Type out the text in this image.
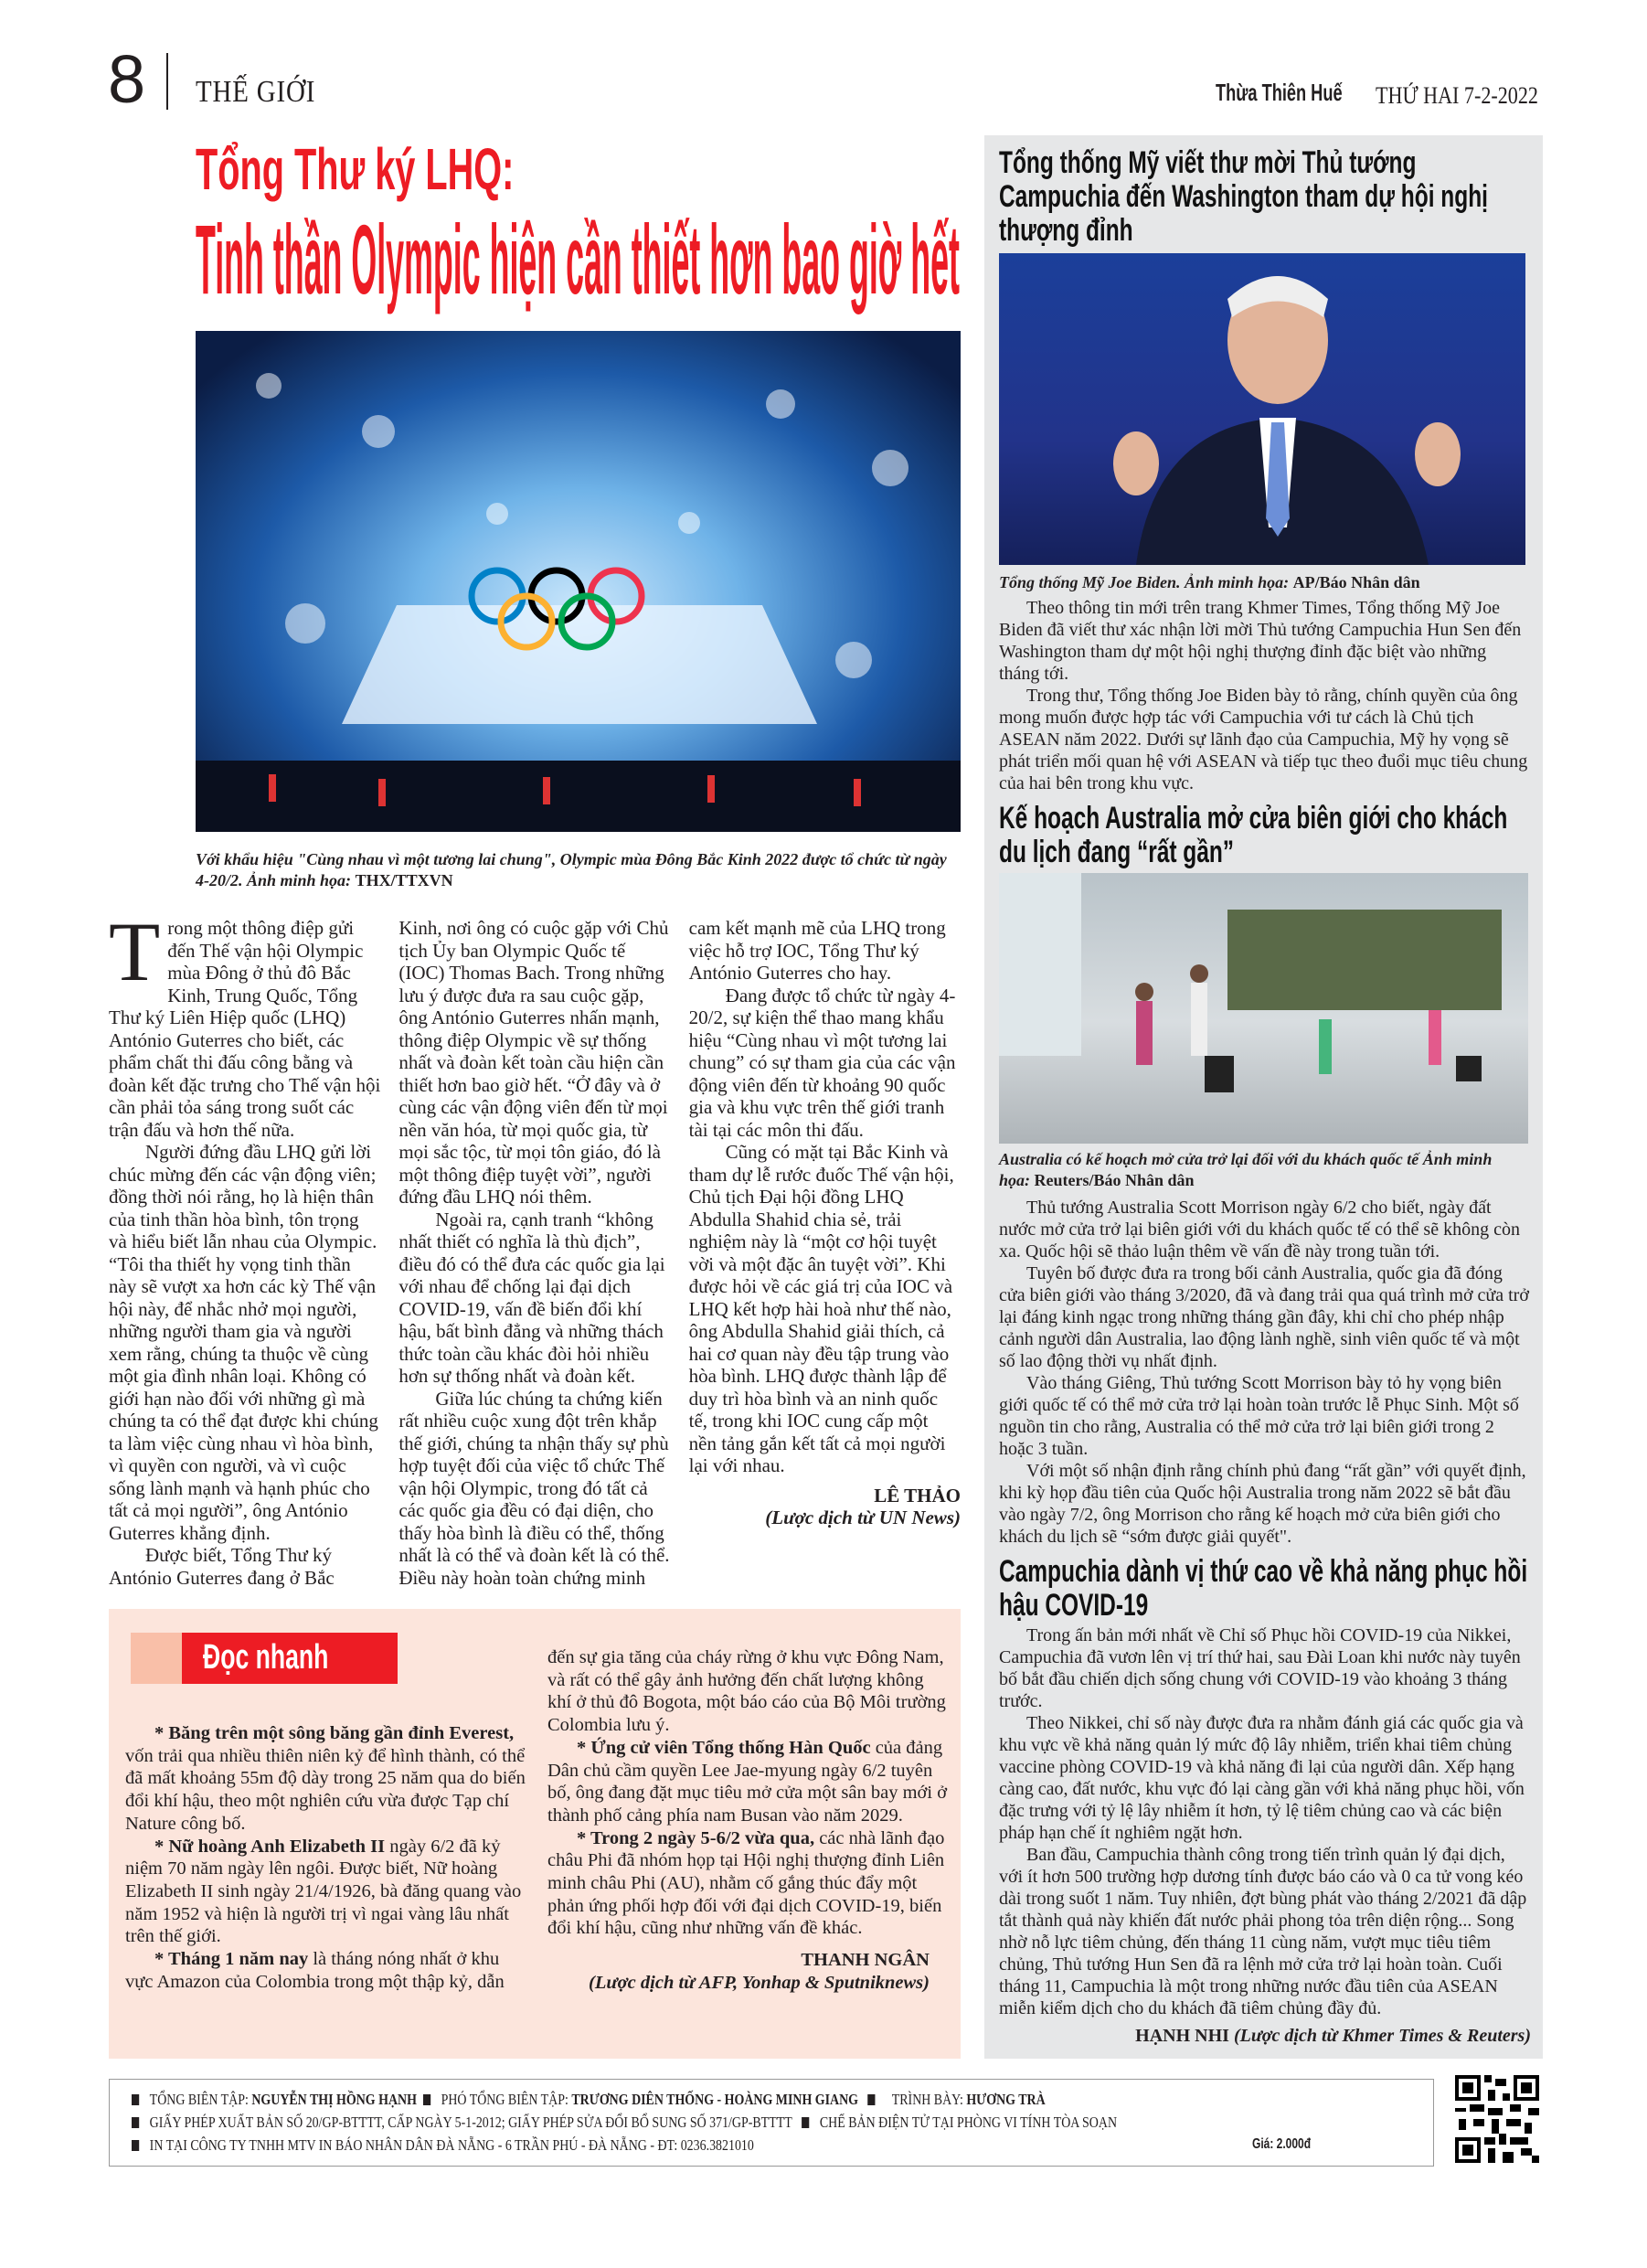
8 THẾ GIỚI	Thừa Thiên Huế THỨ HAI 7-2-2022
Tổng Thư ký LHQ:
Tinh thần Olympic hiện cần thiết hơn bao giờ hết
Với khẩu hiệu "Cùng nhau vì một tương lai chung", Olympic mùa Đông Bắc Kinh 2022 được tổ chức từ ngày 4-20/2. Ảnh minh họa: THX/TTXVN

Trong một thông điệp gửi đến Thế vận hội Olympic mùa Đông ở thủ đô Bắc Kinh, Trung Quốc, Tổng Thư ký Liên Hiệp quốc (LHQ) António Guterres cho biết, các phẩm chất thi đấu công bằng và đoàn kết đặc trưng cho Thế vận hội cần phải tỏa sáng trong suốt các trận đấu và hơn thế nữa.

Người đứng đầu LHQ gửi lời chúc mừng đến các vận động viên; đồng thời nói rằng, họ là hiện thân của tinh thần hòa bình, tôn trọng và hiểu biết lẫn nhau của Olympic. “Tôi tha thiết hy vọng tinh thần này sẽ vượt xa hơn các kỳ Thế vận hội này, để nhắc nhở mọi người, những người tham gia và người xem rằng, chúng ta thuộc về cùng một gia đình nhân loại. Không có giới hạn nào đối với những gì mà chúng ta có thể đạt được khi chúng ta làm việc cùng nhau vì hòa bình, vì quyền con người, và vì cuộc sống lành mạnh và hạnh phúc cho tất cả mọi người”, ông António Guterres khẳng định.

Được biết, Tổng Thư ký António Guterres đang ở Bắc Kinh, nơi ông có cuộc gặp với Chủ tịch Ủy ban Olympic Quốc tế (IOC) Thomas Bach. Trong những lưu ý được đưa ra sau cuộc gặp, ông António Guterres nhấn mạnh, thông điệp Olympic về sự thống nhất và đoàn kết toàn cầu hiện cần thiết hơn bao giờ hết. “Ở đây và ở cùng các vận động viên đến từ mọi nền văn hóa, từ mọi quốc gia, từ mọi sắc tộc, từ mọi tôn giáo, đó là một thông điệp tuyệt vời”, người đứng đầu LHQ nói thêm.

Ngoài ra, cạnh tranh “không nhất thiết có nghĩa là thù địch”, điều đó có thể đưa các quốc gia lại với nhau để chống lại đại dịch COVID-19, vấn đề biến đổi khí hậu, bất bình đẳng và những thách thức toàn cầu khác đòi hỏi nhiều hơn sự thống nhất và đoàn kết.

Giữa lúc chúng ta chứng kiến rất nhiều cuộc xung đột trên khắp thế giới, chúng ta nhận thấy sự phù hợp tuyệt đối của việc tổ chức Thế vận hội Olympic, trong đó tất cả các quốc gia đều có đại diện, cho thấy hòa bình là điều có thể, thống nhất là có thể và đoàn kết là có thể. Điều này hoàn toàn chứng minh cam kết mạnh mẽ của LHQ trong việc hỗ trợ IOC, Tổng Thư ký António Guterres cho hay.

Đang được tổ chức từ ngày 4-20/2, sự kiện thể thao mang khẩu hiệu “Cùng nhau vì một tương lai chung” có sự tham gia của các vận động viên đến từ khoảng 90 quốc gia và khu vực trên thế giới tranh tài tại các môn thi đấu.

Cũng có mặt tại Bắc Kinh và tham dự lễ rước đuốc Thế vận hội, Chủ tịch Đại hội đồng LHQ Abdulla Shahid chia sẻ, trải nghiệm này là “một cơ hội tuyệt vời và một đặc ân tuyệt vời”. Khi được hỏi về các giá trị của IOC và LHQ kết hợp hài hoà như thế nào, ông Abdulla Shahid giải thích, cả hai cơ quan này đều tập trung vào hòa bình. LHQ được thành lập để duy trì hòa bình và an ninh quốc tế, trong khi IOC cung cấp một nền tảng gắn kết tất cả mọi người lại với nhau.

LÊ THẢO
(Lược dịch từ UN News)
Tổng thống Mỹ viết thư mời Thủ tướng Campuchia đến Washington tham dự hội nghị thượng đỉnh
Tổng thống Mỹ Joe Biden. Ảnh minh họa: AP/Báo Nhân dân

Theo thông tin mới trên trang Khmer Times, Tổng thống Mỹ Joe Biden đã viết thư xác nhận lời mời Thủ tướng Campuchia Hun Sen đến Washington tham dự một hội nghị thượng đỉnh đặc biệt vào những tháng tới.

Trong thư, Tổng thống Joe Biden bày tỏ rằng, chính quyền của ông mong muốn được hợp tác với Campuchia với tư cách là Chủ tịch ASEAN năm 2022. Dưới sự lãnh đạo của Campuchia, Mỹ hy vọng sẽ phát triển mối quan hệ với ASEAN và tiếp tục theo đuổi mục tiêu chung của hai bên trong khu vực.

Kế hoạch Australia mở cửa biên giới cho khách du lịch đang “rất gần”
Australia có kế hoạch mở cửa trở lại đối với du khách quốc tế Ảnh minh họa: Reuters/Báo Nhân dân

Thủ tướng Australia Scott Morrison ngày 6/2 cho biết, ngày đất nước mở cửa trở lại biên giới với du khách quốc tế có thể sẽ không còn xa. Quốc hội sẽ thảo luận thêm về vấn đề này trong tuần tới.

Tuyên bố được đưa ra trong bối cảnh Australia, quốc gia đã đóng cửa biên giới vào tháng 3/2020, đã và đang trải qua quá trình mở cửa trở lại đáng kinh ngạc trong những tháng gần đây, khi chỉ cho phép nhập cảnh người dân Australia, lao động lành nghề, sinh viên quốc tế và một số lao động thời vụ nhất định.

Vào tháng Giêng, Thủ tướng Scott Morrison bày tỏ hy vọng biên giới quốc tế có thể mở cửa trở lại hoàn toàn trước lễ Phục Sinh. Một số nguồn tin cho rằng, Australia có thể mở cửa trở lại biên giới trong 2 hoặc 3 tuần.

Với một số nhận định rằng chính phủ đang “rất gần” với quyết định, khi kỳ họp đầu tiên của Quốc hội Australia trong năm 2022 sẽ bắt đầu vào ngày 7/2, ông Morrison cho rằng kế hoạch mở cửa biên giới cho khách du lịch sẽ “sớm được giải quyết".

Campuchia dành vị thứ cao về khả năng phục hồi hậu COVID-19

Trong ấn bản mới nhất về Chỉ số Phục hồi COVID-19 của Nikkei, Campuchia đã vươn lên vị trí thứ hai, sau Đài Loan khi nước này tuyên bố bắt đầu chiến dịch sống chung với COVID-19 vào khoảng 3 tháng trước.

Theo Nikkei, chỉ số này được đưa ra nhằm đánh giá các quốc gia và khu vực về khả năng quản lý mức độ lây nhiễm, triển khai tiêm chủng vaccine phòng COVID-19 và khả năng đi lại của người dân. Xếp hạng càng cao, đất nước, khu vực đó lại càng gần với khả năng phục hồi, vốn đặc trưng với tỷ lệ lây nhiễm ít hơn, tỷ lệ tiêm chủng cao và các biện pháp hạn chế ít nghiêm ngặt hơn.

Ban đầu, Campuchia thành công trong tiến trình quản lý đại dịch, với ít hơn 500 trường hợp dương tính được báo cáo và 0 ca tử vong kéo dài trong suốt 1 năm. Tuy nhiên, đợt bùng phát vào tháng 2/2021 đã dập tắt thành quả này khiến đất nước phải phong tỏa trên diện rộng... Song nhờ nỗ lực tiêm chủng, đến tháng 11 cùng năm, vượt mục tiêu tiêm chủng, Thủ tướng Hun Sen đã ra lệnh mở cửa trở lại hoàn toàn. Cuối tháng 11, Campuchia là một trong những nước đầu tiên của ASEAN miễn kiểm dịch cho du khách đã tiêm chủng đầy đủ.

HẠNH NHI (Lược dịch từ Khmer Times & Reuters)
Đọc nhanh

* Băng trên một sông băng gần đỉnh Everest, vốn trải qua nhiều thiên niên kỷ để hình thành, có thể đã mất khoảng 55m độ dày trong 25 năm qua do biến đổi khí hậu, theo một nghiên cứu vừa được Tạp chí Nature công bố.

* Nữ hoàng Anh Elizabeth II ngày 6/2 đã kỷ niệm 70 năm ngày lên ngôi. Được biết, Nữ hoàng Elizabeth II sinh ngày 21/4/1926, bà đăng quang vào năm 1952 và hiện là người trị vì ngai vàng lâu nhất trên thế giới.

* Tháng 1 năm nay là tháng nóng nhất ở khu vực Amazon của Colombia trong một thập kỷ, dẫn đến sự gia tăng của cháy rừng ở khu vực Đông Nam, và rất có thể gây ảnh hưởng đến chất lượng không khí ở thủ đô Bogota, một báo cáo của Bộ Môi trường Colombia lưu ý.

* Ứng cử viên Tổng thống Hàn Quốc của đảng Dân chủ cầm quyền Lee Jae-myung ngày 6/2 tuyên bố, ông đang đặt mục tiêu mở cửa một sân bay mới ở thành phố cảng phía nam Busan vào năm 2029.

* Trong 2 ngày 5-6/2 vừa qua, các nhà lãnh đạo châu Phi đã nhóm họp tại Hội nghị thượng đỉnh Liên minh châu Phi (AU), nhằm cố gắng thúc đẩy một phản ứng phối hợp đối với đại dịch COVID-19, biến đổi khí hậu, cũng như những vấn đề khác.

THANH NGÂN
(Lược dịch từ AFP, Yonhap & Sputniknews)
TỔNG BIÊN TẬP: NGUYỄN THỊ HỒNG HẠNH PHÓ TỔNG BIÊN TẬP: TRƯƠNG DIÊN THỐNG - HOÀNG MINH GIANG TRÌNH BÀY: HƯƠNG TRÀ
GIẤY PHÉP XUẤT BẢN SỐ 20/GP-BTTTT, CẤP NGÀY 5-1-2012; GIẤY PHÉP SỬA ĐỔI BỔ SUNG SỐ 371/GP-BTTTT CHẾ BẢN ĐIỆN TỬ TẠI PHÒNG VI TÍNH TÒA SOẠN
IN TẠI CÔNG TY TNHH MTV IN BÁO NHÂN DÂN ĐÀ NẴNG - 6 TRẦN PHÚ - ĐÀ NẴNG - ĐT: 0236.3821010	Giá: 2.000đ
